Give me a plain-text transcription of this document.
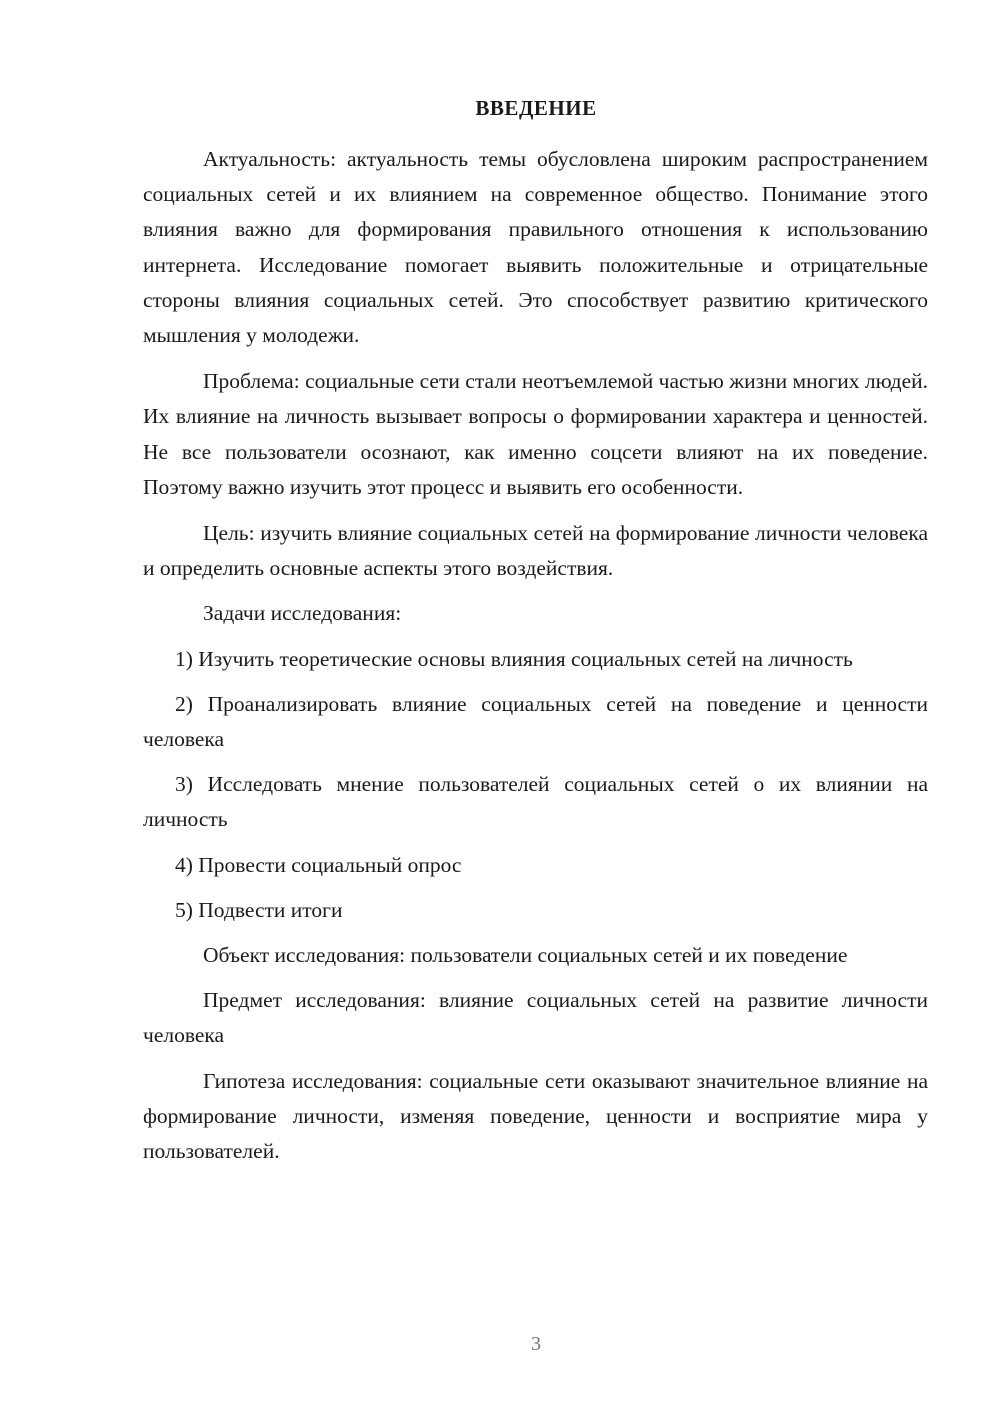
ВВЕДЕНИЕ

Актуальность: актуальность темы обусловлена широким распространением социальных сетей и их влиянием на современное общество. Понимание этого влияния важно для формирования правильного отношения к использованию интернета. Исследование помогает выявить положительные и отрицательные стороны влияния социальных сетей. Это способствует развитию критического мышления у молодежи.

Проблема: социальные сети стали неотъемлемой частью жизни многих людей. Их влияние на личность вызывает вопросы о формировании характера и ценностей. Не все пользователи осознают, как именно соцсети влияют на их поведение. Поэтому важно изучить этот процесс и выявить его особенности.

Цель: изучить влияние социальных сетей на формирование личности человека и определить основные аспекты этого воздействия.

Задачи исследования:

1) Изучить теоретические основы влияния социальных сетей на личность

2) Проанализировать влияние социальных сетей на поведение и ценности человека

3) Исследовать мнение пользователей социальных сетей о их влиянии на личность

4) Провести социальный опрос

5) Подвести итоги

Объект исследования: пользователи социальных сетей и их поведение

Предмет исследования: влияние социальных сетей на развитие личности человека

Гипотеза исследования: социальные сети оказывают значительное влияние на формирование личности, изменяя поведение, ценности и восприятие мира у пользователей.

3
